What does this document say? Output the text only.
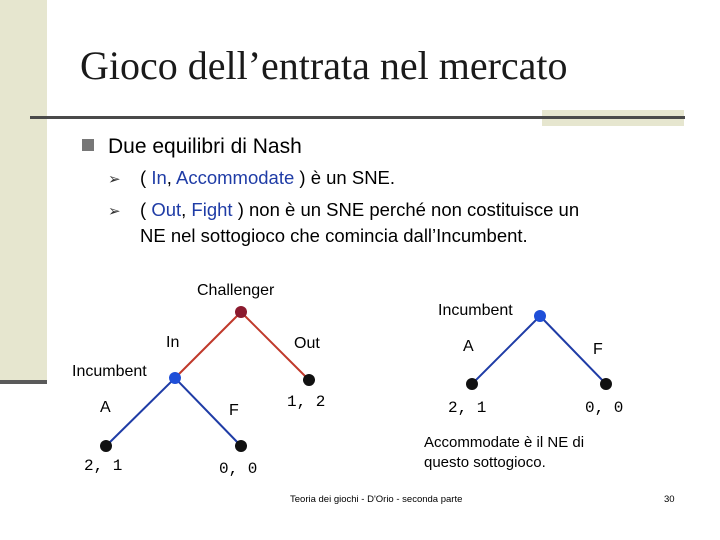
Gioco dell’entrata nel mercato
Due equilibri di Nash
➢ ( In, Accommodate ) è un SNE.
➢ ( Out, Fight ) non è un SNE perché non costituisce un
NE nel sottogioco che comincia dall’Incumbent.
Challenger
Incumbent
In	Out	A	F
Incumbent
A	F	1, 2	2, 1	0, 0
2, 1	0, 0
Accommodate è il NE di
questo sottogioco.
Teoria dei giochi - D'Orio - seconda parte	30
